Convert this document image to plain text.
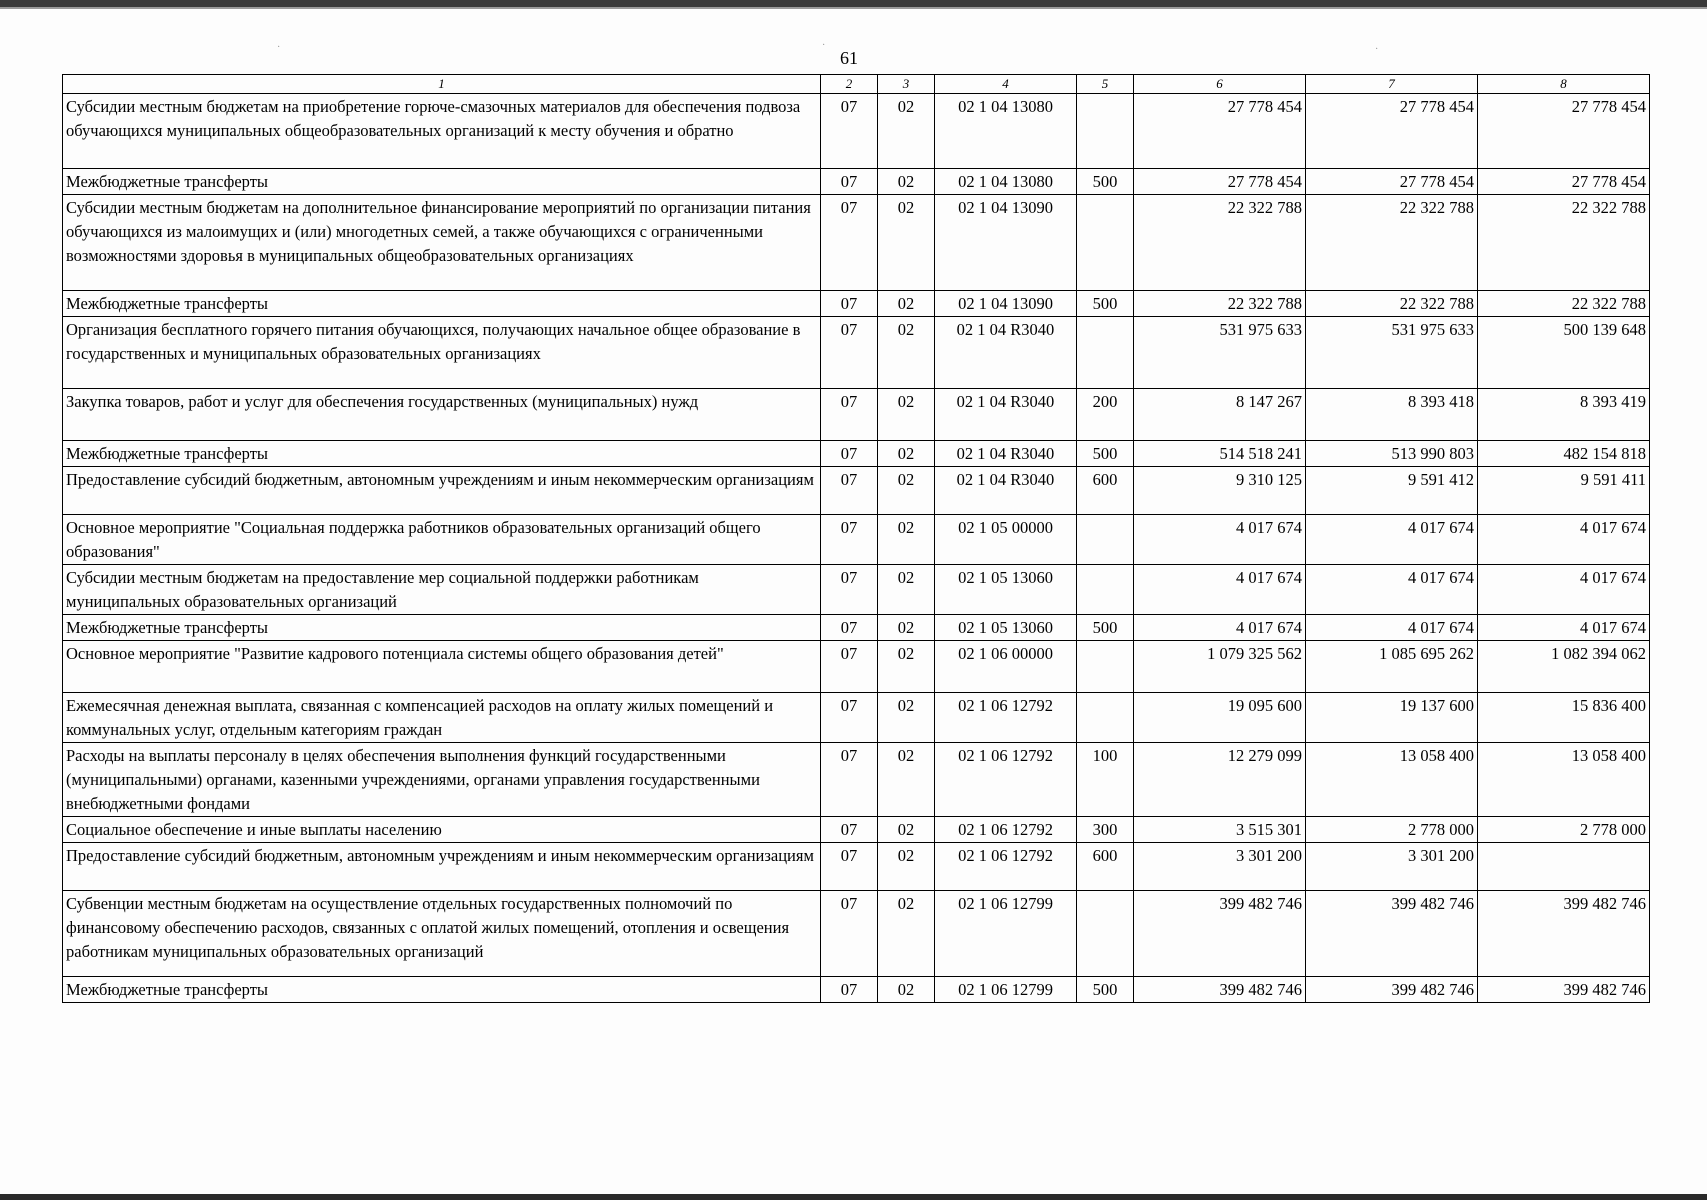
·	·	·
61
1	2	3	4	5	6	7	8
Субсидии местным бюджетам на приобретение горюче-смазочных материалов для обеспечения подвоза обучающихся муниципальных общеобразовательных организаций к месту обучения и обратно	07	02	02 1 04 13080		27 778 454	27 778 454	27 778 454
Межбюджетные трансферты	07	02	02 1 04 13080	500	27 778 454	27 778 454	27 778 454
Субсидии местным бюджетам на дополнительное финансирование мероприятий по организации питания обучающихся из малоимущих и (или) многодетных семей, а также обучающихся с ограниченными возможностями здоровья в муниципальных общеобразовательных организациях	07	02	02 1 04 13090		22 322 788	22 322 788	22 322 788
Межбюджетные трансферты	07	02	02 1 04 13090	500	22 322 788	22 322 788	22 322 788
Организация бесплатного горячего питания обучающихся, получающих начальное общее образование в государственных и муниципальных образовательных организациях	07	02	02 1 04 R3040		531 975 633	531 975 633	500 139 648
Закупка товаров, работ и услуг для обеспечения государственных (муниципальных) нужд	07	02	02 1 04 R3040	200	8 147 267	8 393 418	8 393 419
Межбюджетные трансферты	07	02	02 1 04 R3040	500	514 518 241	513 990 803	482 154 818
Предоставление субсидий бюджетным, автономным учреждениям и иным некоммерческим организациям	07	02	02 1 04 R3040	600	9 310 125	9 591 412	9 591 411
Основное мероприятие "Социальная поддержка работников образовательных организаций общего образования"	07	02	02 1 05 00000		4 017 674	4 017 674	4 017 674
Субсидии местным бюджетам на предоставление мер социальной поддержки работникам муниципальных образовательных организаций	07	02	02 1 05 13060		4 017 674	4 017 674	4 017 674
Межбюджетные трансферты	07	02	02 1 05 13060	500	4 017 674	4 017 674	4 017 674
Основное мероприятие "Развитие кадрового потенциала системы общего образования детей"	07	02	02 1 06 00000		1 079 325 562	1 085 695 262	1 082 394 062
Ежемесячная денежная выплата, связанная с компенсацией расходов на оплату жилых помещений и коммунальных услуг, отдельным категориям граждан	07	02	02 1 06 12792		19 095 600	19 137 600	15 836 400
Расходы на выплаты персоналу в целях обеспечения выполнения функций государственными (муниципальными) органами, казенными учреждениями, органами управления государственными внебюджетными фондами	07	02	02 1 06 12792	100	12 279 099	13 058 400	13 058 400
Социальное обеспечение и иные выплаты населению	07	02	02 1 06 12792	300	3 515 301	2 778 000	2 778 000
Предоставление субсидий бюджетным, автономным учреждениям и иным некоммерческим организациям	07	02	02 1 06 12792	600	3 301 200	3 301 200	
Субвенции местным бюджетам на осуществление отдельных государственных полномочий по финансовому обеспечению расходов, связанных с оплатой жилых помещений, отопления и освещения работникам муниципальных образовательных организаций	07	02	02 1 06 12799		399 482 746	399 482 746	399 482 746
Межбюджетные трансферты	07	02	02 1 06 12799	500	399 482 746	399 482 746	399 482 746
